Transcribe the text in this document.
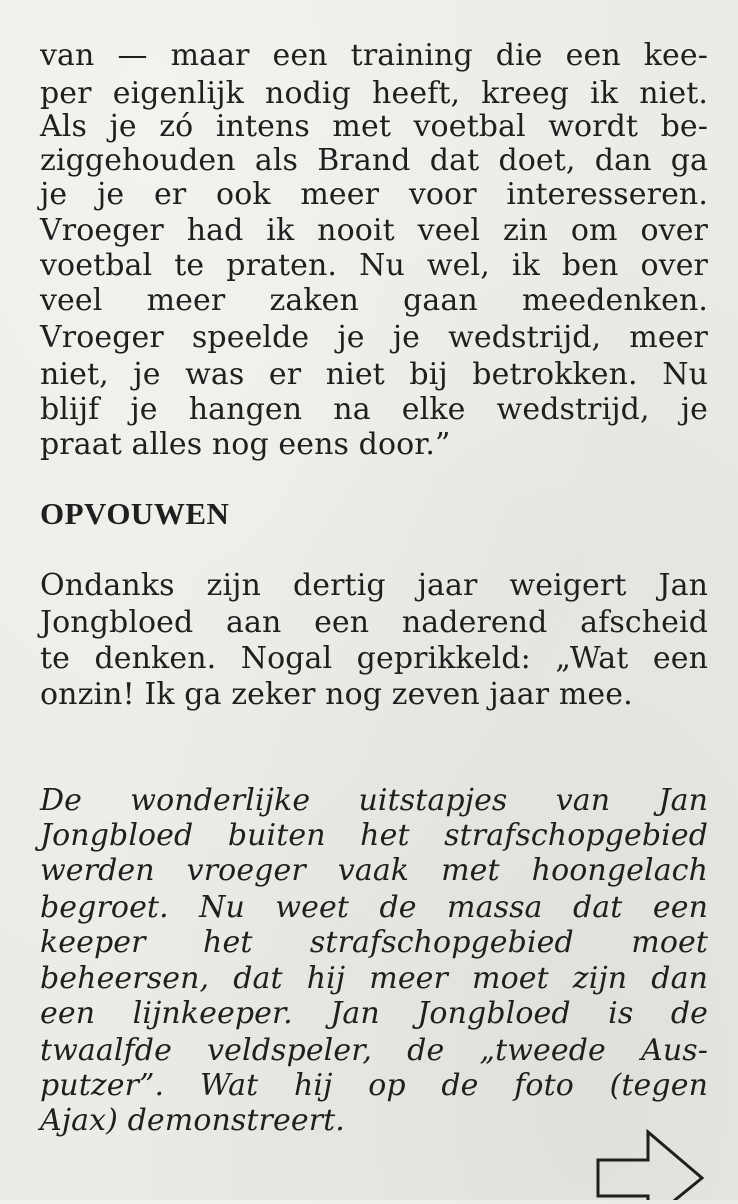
van — maar een training die een kee-
per eigenlijk nodig heeft, kreeg ik niet.
Als je zó intens met voetbal wordt be-
ziggehouden als Brand dat doet, dan ga
je je er ook meer voor interesseren.
Vroeger had ik nooit veel zin om over
voetbal te praten. Nu wel, ik ben over
veel meer zaken gaan meedenken.
Vroeger speelde je je wedstrijd, meer
niet, je was er niet bij betrokken. Nu
blijf je hangen na elke wedstrijd, je
praat alles nog eens door.”
OPVOUWEN
Ondanks zijn dertig jaar weigert Jan
Jongbloed aan een naderend afscheid
te denken. Nogal geprikkeld: „Wat een
onzin! Ik ga zeker nog zeven jaar mee.
De wonderlijke uitstapjes van Jan
Jongbloed buiten het strafschopgebied
werden vroeger vaak met hoongelach
begroet. Nu weet de massa dat een
keeper het strafschopgebied moet
beheersen, dat hij meer moet zijn dan
een lijnkeeper. Jan Jongbloed is de
twaalfde veldspeler, de „tweede Aus-
putzer”. Wat hij op de foto (tegen
Ajax) demonstreert.
